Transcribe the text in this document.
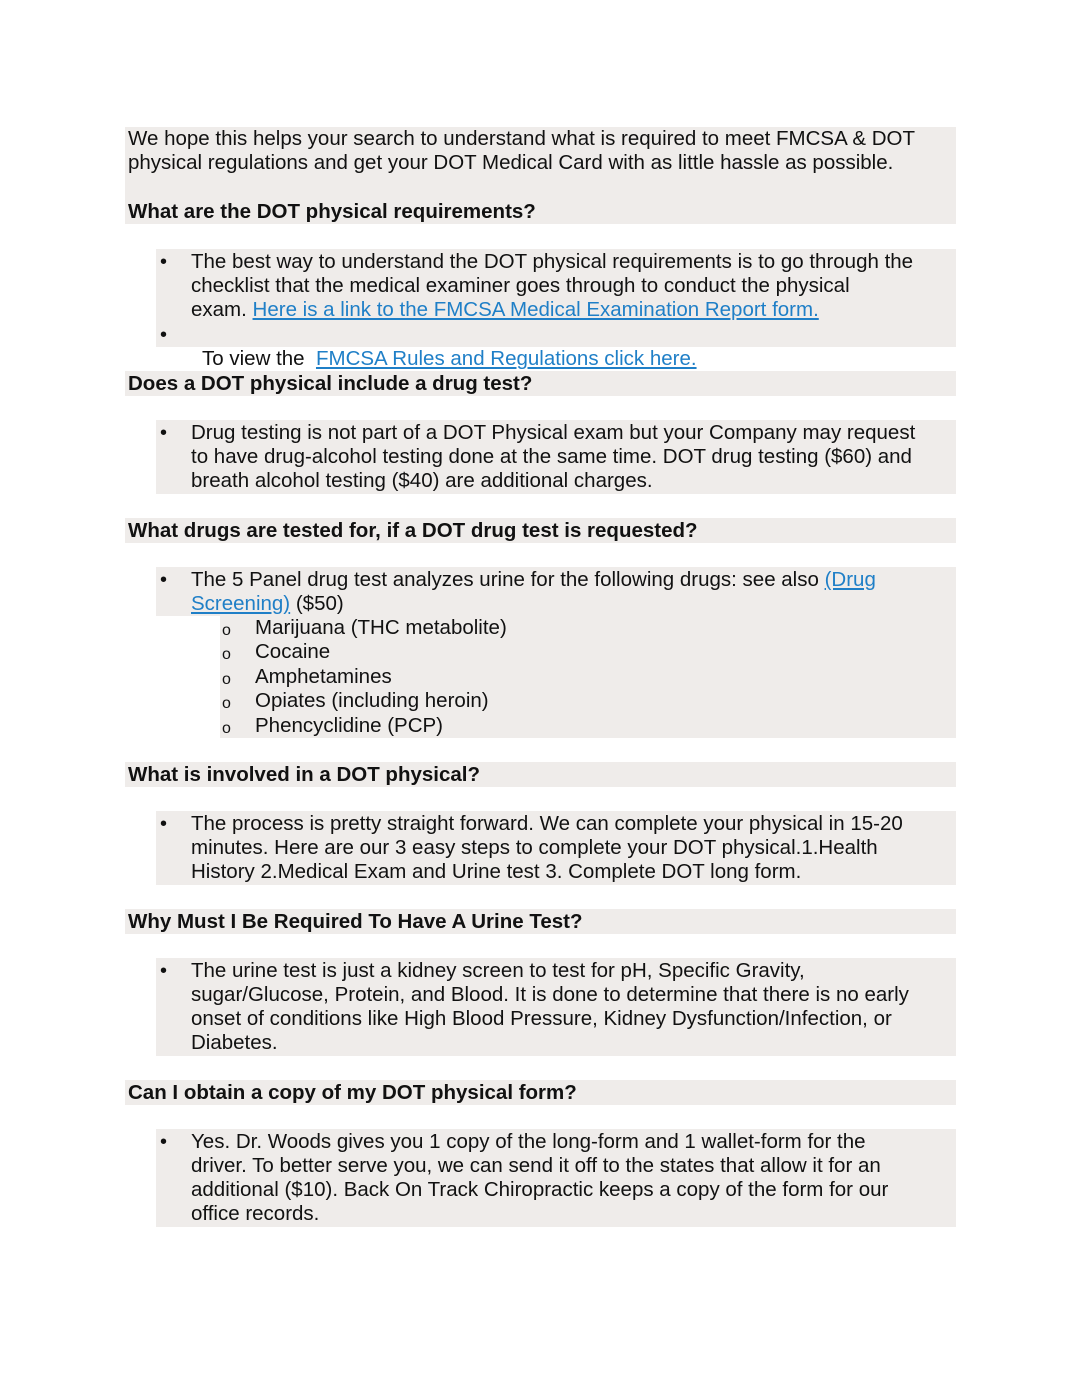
We hope this helps your search to understand what is required to meet FMCSA & DOT
physical regulations and get your DOT Medical Card with as little hassle as possible.
What are the DOT physical requirements?
• The best way to understand the DOT physical requirements is to go through the
checklist that the medical examiner goes through to conduct the physical
exam. Here is a link to the FMCSA Medical Examination Report form.
•

To view the  FMCSA Rules and Regulations click here.

Does a DOT physical include a drug test?
• Drug testing is not part of a DOT Physical exam but your Company may request
to have drug-alcohol testing done at the same time. DOT drug testing ($60) and
breath alcohol testing ($40) are additional charges.
What drugs are tested for, if a DOT drug test is requested?
• The 5 Panel drug test analyzes urine for the following drugs: see also (Drug
Screening) ($50)
o Marijuana (THC metabolite)
o Cocaine
o Amphetamines
o Opiates (including heroin)
o Phencyclidine (PCP)
What is involved in a DOT physical?
• The process is pretty straight forward. We can complete your physical in 15-20
minutes. Here are our 3 easy steps to complete your DOT physical.1.Health
History 2.Medical Exam and Urine test 3. Complete DOT long form.
Why Must I Be Required To Have A Urine Test?
• The urine test is just a kidney screen to test for pH, Specific Gravity,
sugar/Glucose, Protein, and Blood. It is done to determine that there is no early
onset of conditions like High Blood Pressure, Kidney Dysfunction/Infection, or
Diabetes.
Can I obtain a copy of my DOT physical form?
• Yes. Dr. Woods gives you 1 copy of the long-form and 1 wallet-form for the
driver. To better serve you, we can send it off to the states that allow it for an
additional ($10). Back On Track Chiropractic keeps a copy of the form for our
office records.
